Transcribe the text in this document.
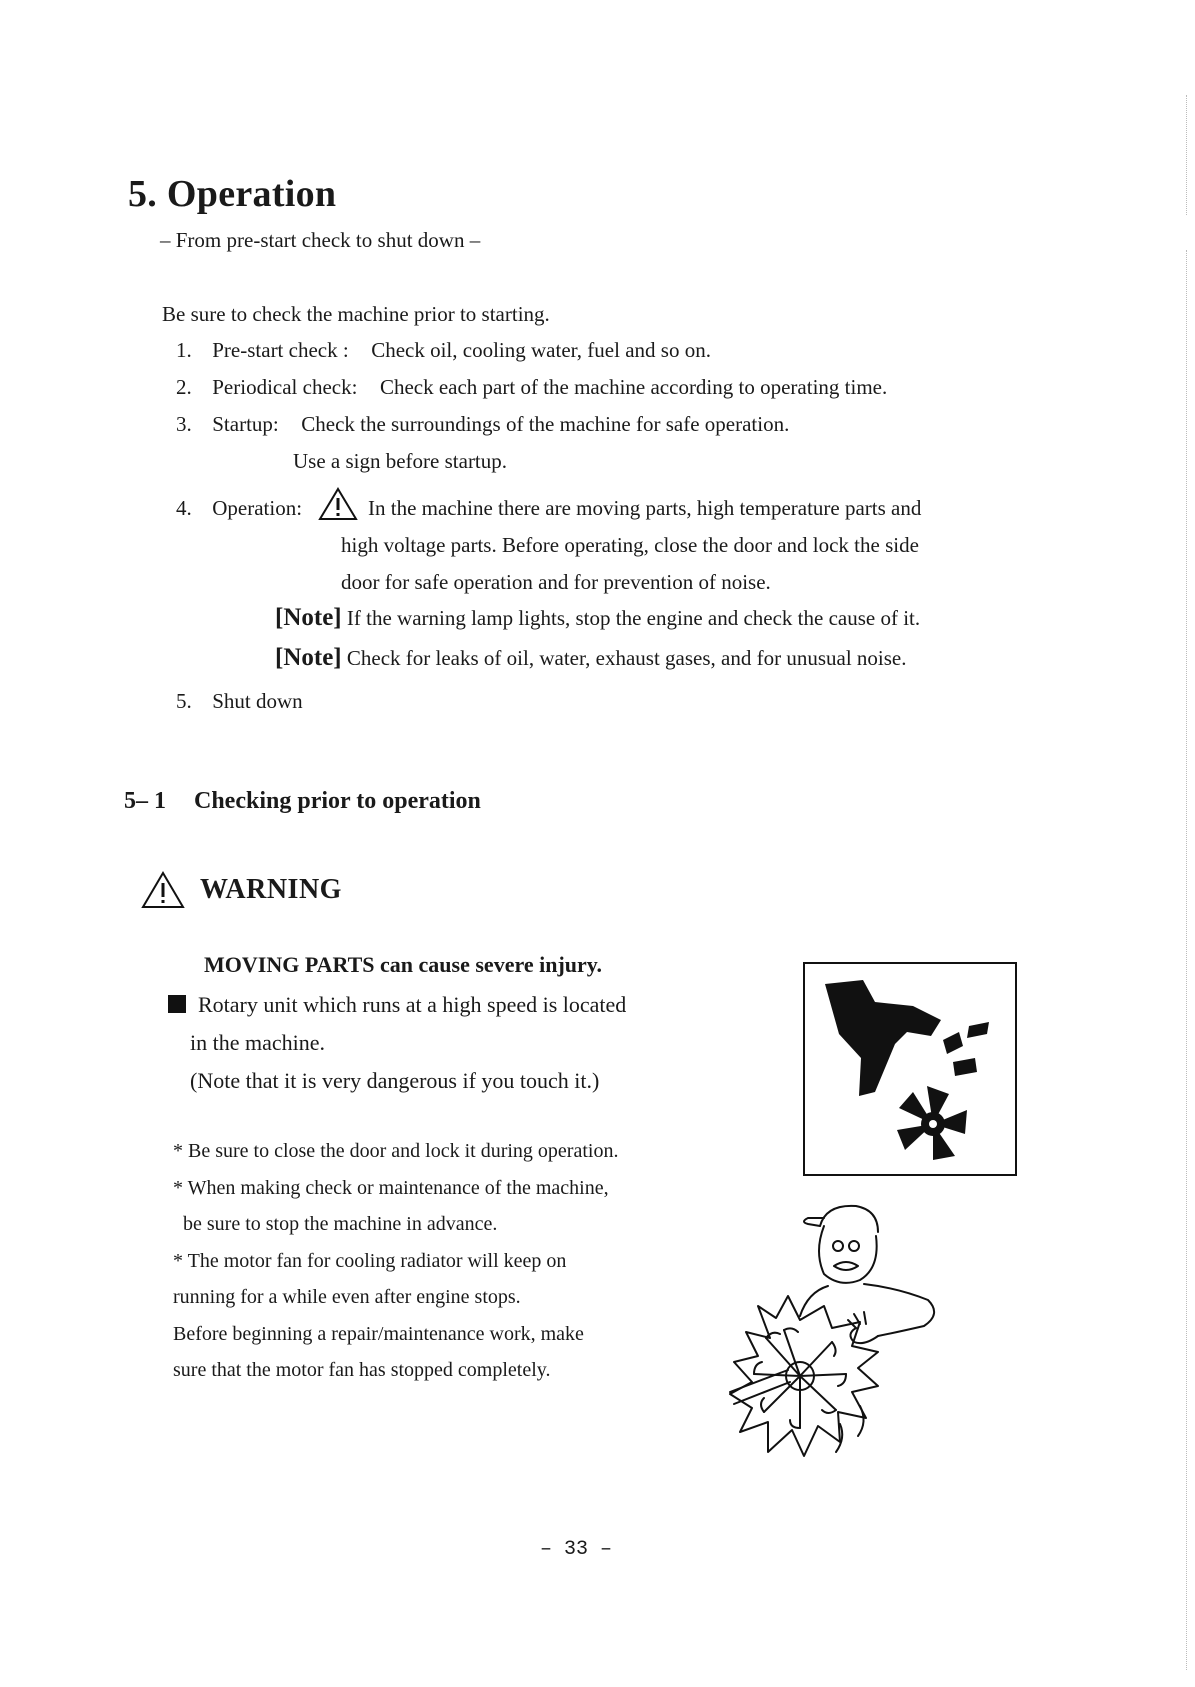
5. Operation
– From pre-start check to shut down –
Be sure to check the machine prior to starting.
1. Pre-start check : Check oil, cooling water, fuel and so on.
2. Periodical check: Check each part of the machine according to operating time.
3. Startup: Check the surroundings of the machine for safe operation.
Use a sign before startup.
4. Operation:	In the machine there are moving parts, high temperature parts and
high voltage parts. Before operating, close the door and lock the side
door for safe operation and for prevention of noise.
[Note] If the warning lamp lights, stop the engine and check the cause of it.
[Note] Check for leaks of oil, water, exhaust gases, and for unusual noise.
5. Shut down
5– 1 Checking prior to operation
WARNING
MOVING PARTS can cause severe injury.
Rotary unit which runs at a high speed is located
in the machine.
(Note that it is very dangerous if you touch it.)
* Be sure to close the door and lock it during operation.
* When making check or maintenance of the machine,
be sure to stop the machine in advance.
* The motor fan for cooling radiator will keep on
running for a while even after engine stops.
Before beginning a repair/maintenance work, make
sure that the motor fan has stopped completely.
– 33 –
